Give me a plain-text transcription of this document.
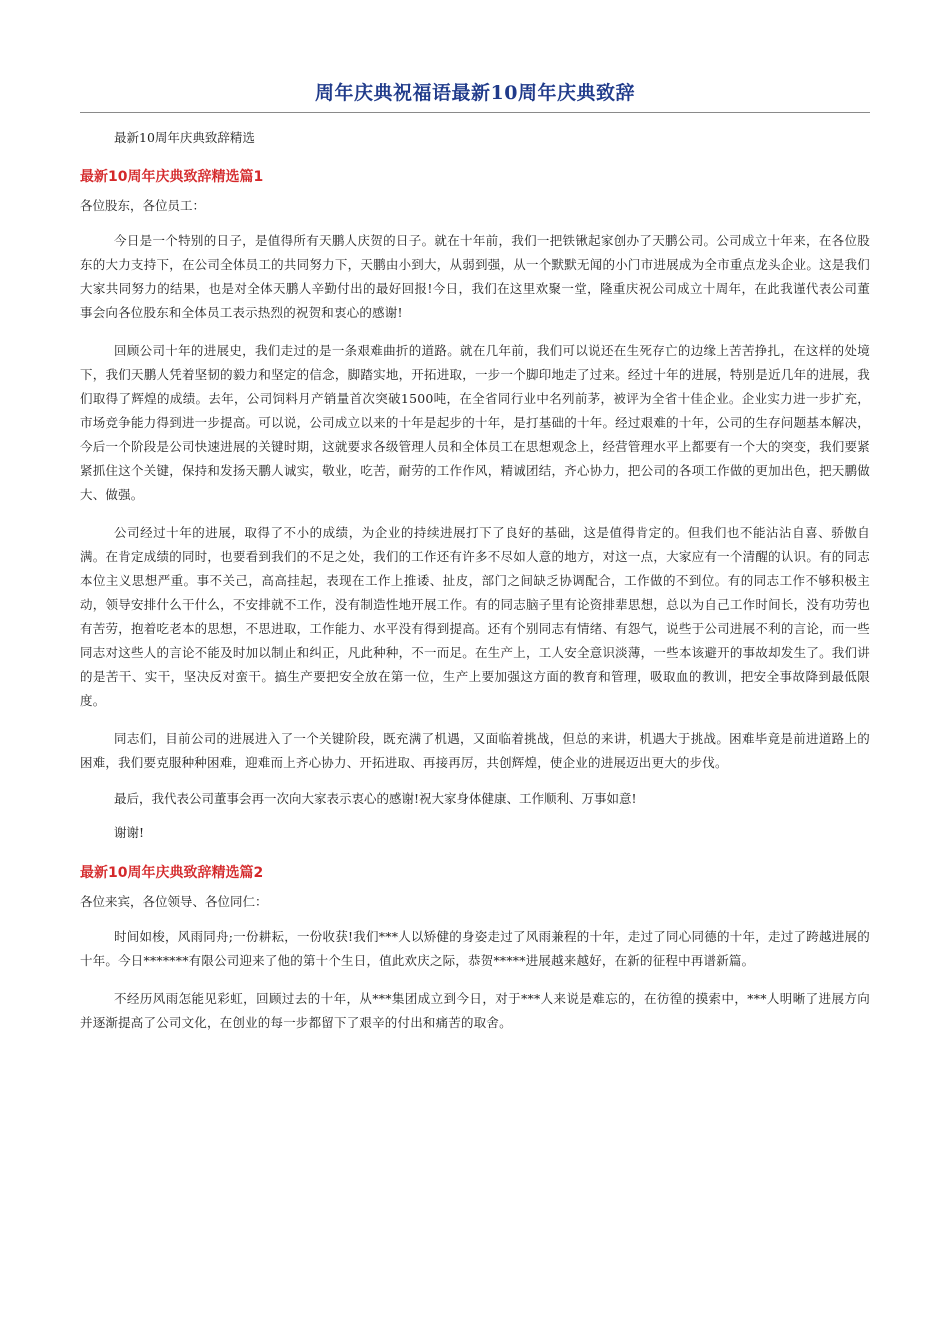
周年庆典祝福语最新10周年庆典致辞
最新10周年庆典致辞精选
最新10周年庆典致辞精选篇1
各位股东，各位员工：

今日是一个特别的日子，是值得所有天鹏人庆贺的日子。就在十年前，我们一把铁锹起家创办了天鹏公司。公司成立十年来，在各位股东的大力支持下，在公司全体员工的共同努力下，天鹏由小到大，从弱到强，从一个默默无闻的小门市进展成为全市重点龙头企业。这是我们大家共同努力的结果，也是对全体天鹏人辛勤付出的最好回报!今日，我们在这里欢聚一堂，隆重庆祝公司成立十周年，在此我谨代表公司董事会向各位股东和全体员工表示热烈的祝贺和衷心的感谢!

回顾公司十年的进展史，我们走过的是一条艰难曲折的道路。就在几年前，我们可以说还在生死存亡的边缘上苦苦挣扎，在这样的处境下，我们天鹏人凭着坚韧的毅力和坚定的信念，脚踏实地，开拓进取，一步一个脚印地走了过来。经过十年的进展，特别是近几年的进展，我们取得了辉煌的成绩。去年，公司饲料月产销量首次突破1500吨，在全省同行业中名列前茅，被评为全省十佳企业。企业实力进一步扩充，市场竞争能力得到进一步提高。可以说，公司成立以来的十年是起步的十年，是打基础的十年。经过艰难的十年，公司的生存问题基本解决，今后一个阶段是公司快速进展的关键时期，这就要求各级管理人员和全体员工在思想观念上，经营管理水平上都要有一个大的突变，我们要紧紧抓住这个关键，保持和发扬天鹏人诚实，敬业，吃苦，耐劳的工作作风，精诚团结，齐心协力，把公司的各项工作做的更加出色，把天鹏做大、做强。

公司经过十年的进展，取得了不小的成绩，为企业的持续进展打下了良好的基础，这是值得肯定的。但我们也不能沾沾自喜、骄傲自满。在肯定成绩的同时，也要看到我们的不足之处，我们的工作还有许多不尽如人意的地方，对这一点，大家应有一个清醒的认识。有的同志本位主义思想严重。事不关己，高高挂起，表现在工作上推诿、扯皮，部门之间缺乏协调配合，工作做的不到位。有的同志工作不够积极主动，领导安排什么干什么，不安排就不工作，没有制造性地开展工作。有的同志脑子里有论资排辈思想，总以为自己工作时间长，没有功劳也有苦劳，抱着吃老本的思想，不思进取，工作能力、水平没有得到提高。还有个别同志有情绪、有怨气，说些于公司进展不利的言论，而一些同志对这些人的言论不能及时加以制止和纠正，凡此种种，不一而足。在生产上，工人安全意识淡薄，一些本该避开的事故却发生了。我们讲的是苦干、实干，坚决反对蛮干。搞生产要把安全放在第一位，生产上要加强这方面的教育和管理，吸取血的教训，把安全事故降到最低限度。

同志们，目前公司的进展进入了一个关键阶段，既充满了机遇，又面临着挑战，但总的来讲，机遇大于挑战。困难毕竟是前进道路上的困难，我们要克服种种困难，迎难而上齐心协力、开拓进取、再接再厉，共创辉煌，使企业的进展迈出更大的步伐。

最后，我代表公司董事会再一次向大家表示衷心的感谢!祝大家身体健康、工作顺利、万事如意!

谢谢!

最新10周年庆典致辞精选篇2
各位来宾，各位领导、各位同仁：

时间如梭，风雨同舟;一份耕耘，一份收获!我们***人以矫健的身姿走过了风雨兼程的十年，走过了同心同德的十年，走过了跨越进展的十年。今日*******有限公司迎来了他的第十个生日，值此欢庆之际，恭贺*****进展越来越好，在新的征程中再谱新篇。

不经历风雨怎能见彩虹，回顾过去的十年，从***集团成立到今日，对于***人来说是难忘的，在彷徨的摸索中，***人明晰了进展方向并逐渐提高了公司文化，在创业的每一步都留下了艰辛的付出和痛苦的取舍。
